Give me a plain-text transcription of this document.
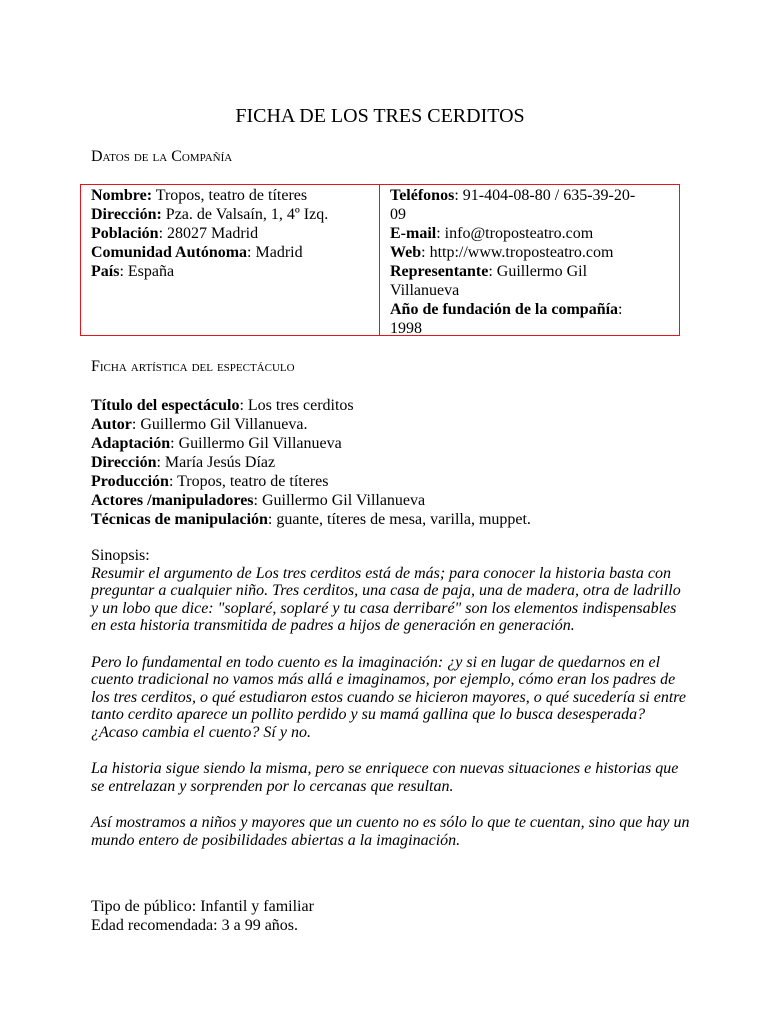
FICHA DE LOS TRES CERDITOS
Datos de la Compañía
Nombre: Tropos, teatro de títeres
Dirección: Pza. de Valsaín, 1, 4º Izq.
Población: 28027 Madrid
Comunidad Autónoma: Madrid
País: España
Teléfonos: 91-404-08-80 / 635-39-20-09
E-mail: info@troposteatro.com
Web: http://www.troposteatro.com
Representante: Guillermo Gil Villanueva
Año de fundación de la compañía: 1998
Ficha artística del espectáculo
Título del espectáculo: Los tres cerditos
Autor: Guillermo Gil Villanueva.
Adaptación: Guillermo Gil Villanueva
Dirección: María Jesús Díaz
Producción: Tropos, teatro de títeres
Actores /manipuladores: Guillermo Gil Villanueva
Técnicas de manipulación: guante, títeres de mesa, varilla, muppet.

Sinopsis:

Resumir el argumento de Los tres cerditos está de más; para conocer la historia basta con preguntar a cualquier niño. Tres cerditos, una casa de paja, una de madera, otra de ladrillo y un lobo que dice: "soplaré, soplaré y tu casa derribaré" son los elementos indispensables en esta historia transmitida de padres a hijos de generación en generación.

Pero lo fundamental en todo cuento es la imaginación: ¿y si en lugar de quedarnos en el cuento tradicional no vamos más allá e imaginamos, por ejemplo, cómo eran los padres de los tres cerditos, o qué estudiaron estos cuando se hicieron mayores, o qué sucedería si entre tanto cerdito aparece un pollito perdido y su mamá gallina que lo busca desesperada? ¿Acaso cambia el cuento? Sí y no.

La historia sigue siendo la misma, pero se enriquece con nuevas situaciones e historias que se entrelazan y sorprenden por lo cercanas que resultan.

Así mostramos a niños y mayores que un cuento no es sólo lo que te cuentan, sino que hay un mundo entero de posibilidades abiertas a la imaginación.

Tipo de público: Infantil y familiar
Edad recomendada: 3 a 99 años.
